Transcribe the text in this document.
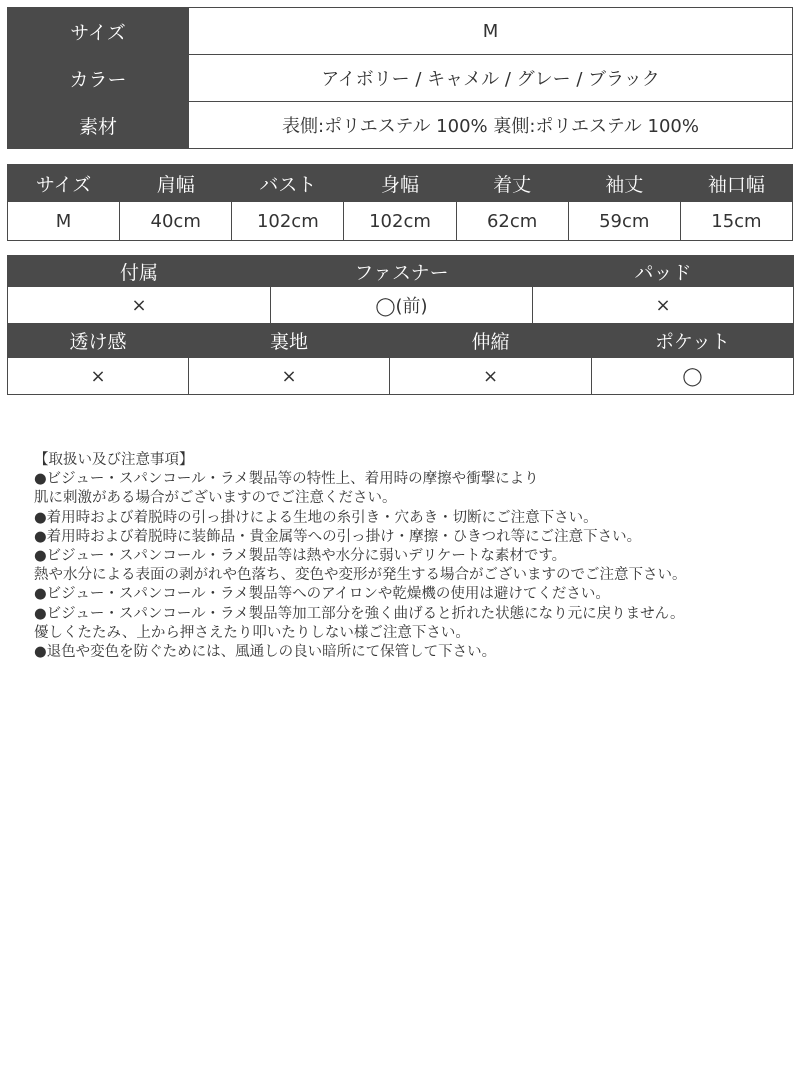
サイズ	M
カラー	アイボリー / キャメル / グレー / ブラック
素材	表側:ポリエステル 100% 裏側:ポリエステル 100%
サイズ	肩幅	バスト	身幅	着丈	袖丈	袖口幅
M	40cm	102cm	102cm	62cm	59cm	15cm
付属	ファスナー	パッド
×	◯(前)	×
透け感	裏地	伸縮	ポケット
×	×	×	◯
【取扱い及び注意事項】
●ビジュー・スパンコール・ラメ製品等の特性上、着用時の摩擦や衝撃により
肌に刺激がある場合がございますのでご注意ください。
●着用時および着脱時の引っ掛けによる生地の糸引き・穴あき・切断にご注意下さい。
●着用時および着脱時に装飾品・貴金属等への引っ掛け・摩擦・ひきつれ等にご注意下さい。
●ビジュー・スパンコール・ラメ製品等は熱や水分に弱いデリケートな素材です。
熱や水分による表面の剥がれや色落ち、変色や変形が発生する場合がございますのでご注意下さい。
●ビジュー・スパンコール・ラメ製品等へのアイロンや乾燥機の使用は避けてください。
●ビジュー・スパンコール・ラメ製品等加工部分を強く曲げると折れた状態になり元に戻りません。
優しくたたみ、上から押さえたり叩いたりしない様ご注意下さい。
●退色や変色を防ぐためには、風通しの良い暗所にて保管して下さい。
